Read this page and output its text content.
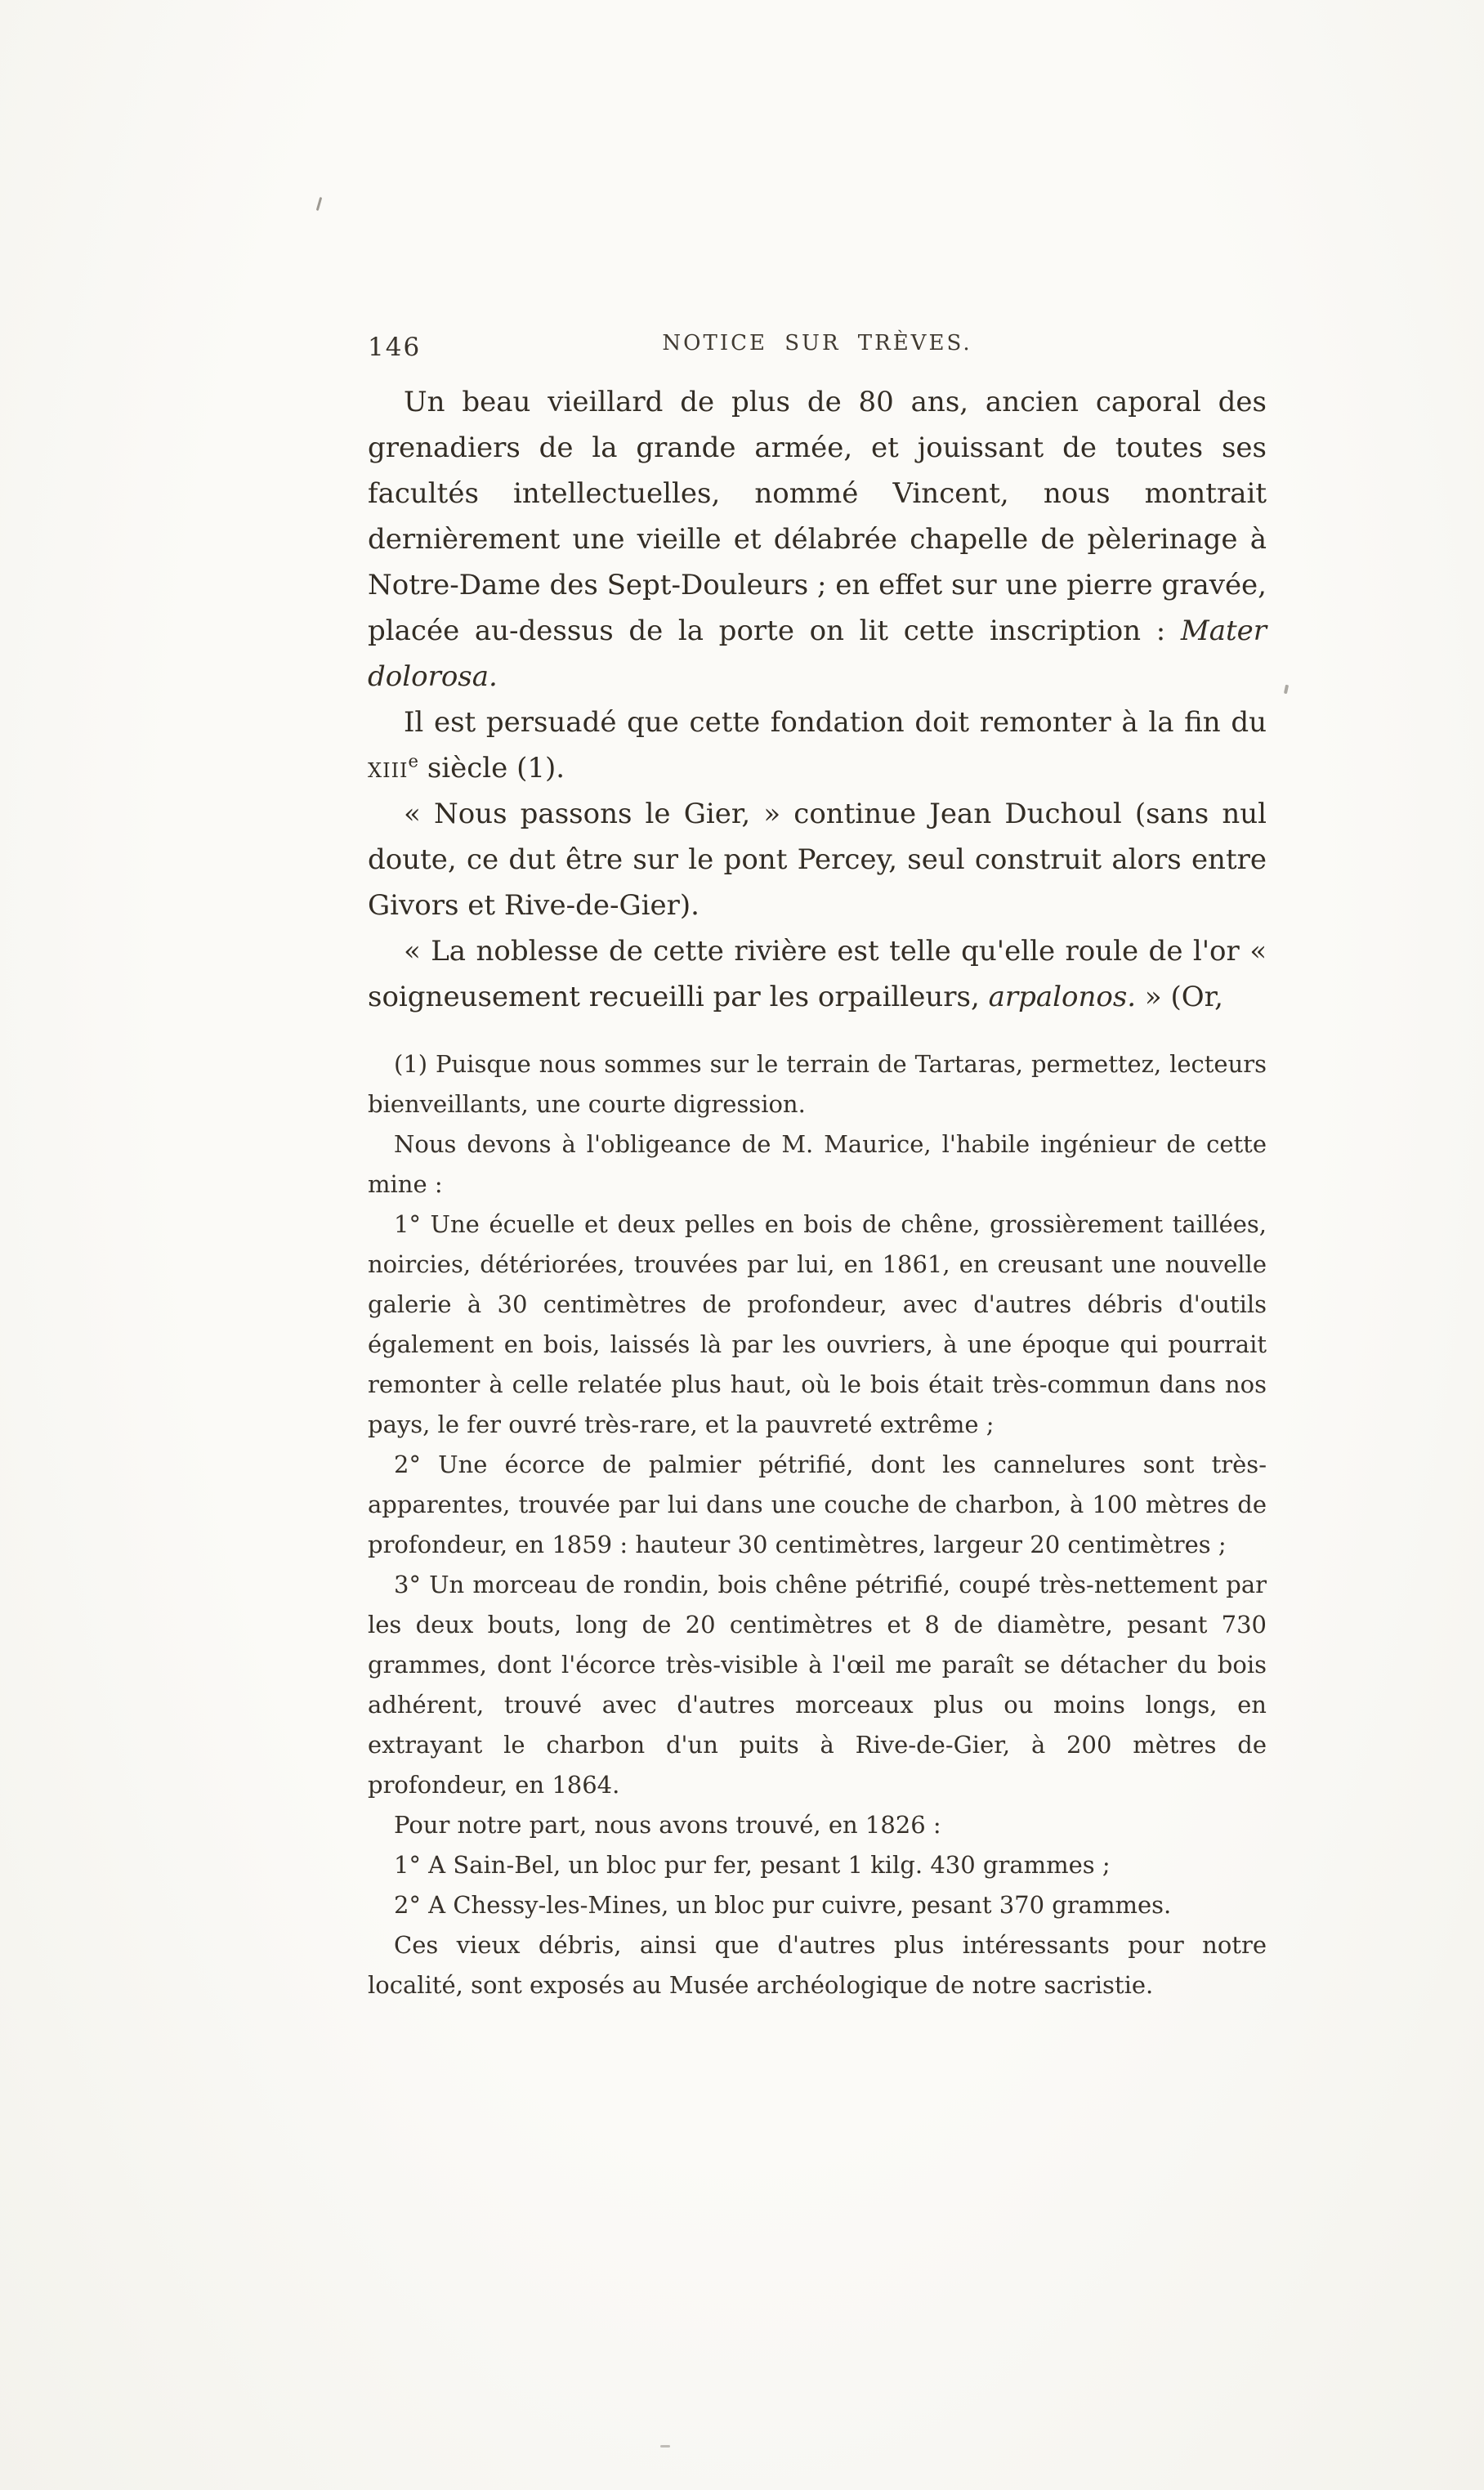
146	NOTICE SUR TRÈVES.

Un beau vieillard de plus de 80 ans, ancien caporal des grenadiers de la grande armée, et jouissant de toutes ses facultés intellectuelles, nommé Vincent, nous montrait dernièrement une vieille et délabrée chapelle de pèlerinage à Notre-Dame des Sept-Douleurs ; en effet sur une pierre gravée, placée au-dessus de la porte on lit cette inscription : Mater dolorosa.

Il est persuadé que cette fondation doit remonter à la fin du xiii$^e$ siècle (1).

« Nous passons le Gier, » continue Jean Duchoul (sans nul doute, ce dut être sur le pont Percey, seul construit alors entre Givors et Rive-de-Gier).

« La noblesse de cette rivière est telle qu'elle roule de l'or « soigneusement recueilli par les orpailleurs, arpalonos. » (Or,

(1) Puisque nous sommes sur le terrain de Tartaras, permettez, lecteurs bienveillants, une courte digression.

Nous devons à l'obligeance de M. Maurice, l'habile ingénieur de cette mine :

1° Une écuelle et deux pelles en bois de chêne, grossièrement taillées, noircies, détériorées, trouvées par lui, en 1861, en creusant une nouvelle galerie à 30 centimètres de profondeur, avec d'autres débris d'outils également en bois, laissés là par les ouvriers, à une époque qui pourrait remonter à celle relatée plus haut, où le bois était très-commun dans nos pays, le fer ouvré très-rare, et la pauvreté extrême ;

2° Une écorce de palmier pétrifié, dont les cannelures sont très-apparentes, trouvée par lui dans une couche de charbon, à 100 mètres de profondeur, en 1859 : hauteur 30 centimètres, largeur 20 centimètres ;

3° Un morceau de rondin, bois chêne pétrifié, coupé très-nettement par les deux bouts, long de 20 centimètres et 8 de diamètre, pesant 730 grammes, dont l'écorce très-visible à l'œil me paraît se détacher du bois adhérent, trouvé avec d'autres morceaux plus ou moins longs, en extrayant le charbon d'un puits à Rive-de-Gier, à 200 mètres de profondeur, en 1864.

Pour notre part, nous avons trouvé, en 1826 :

1° A Sain-Bel, un bloc pur fer, pesant 1 kilg. 430 grammes ;

2° A Chessy-les-Mines, un bloc pur cuivre, pesant 370 grammes.

Ces vieux débris, ainsi que d'autres plus intéressants pour notre localité, sont exposés au Musée archéologique de notre sacristie.
